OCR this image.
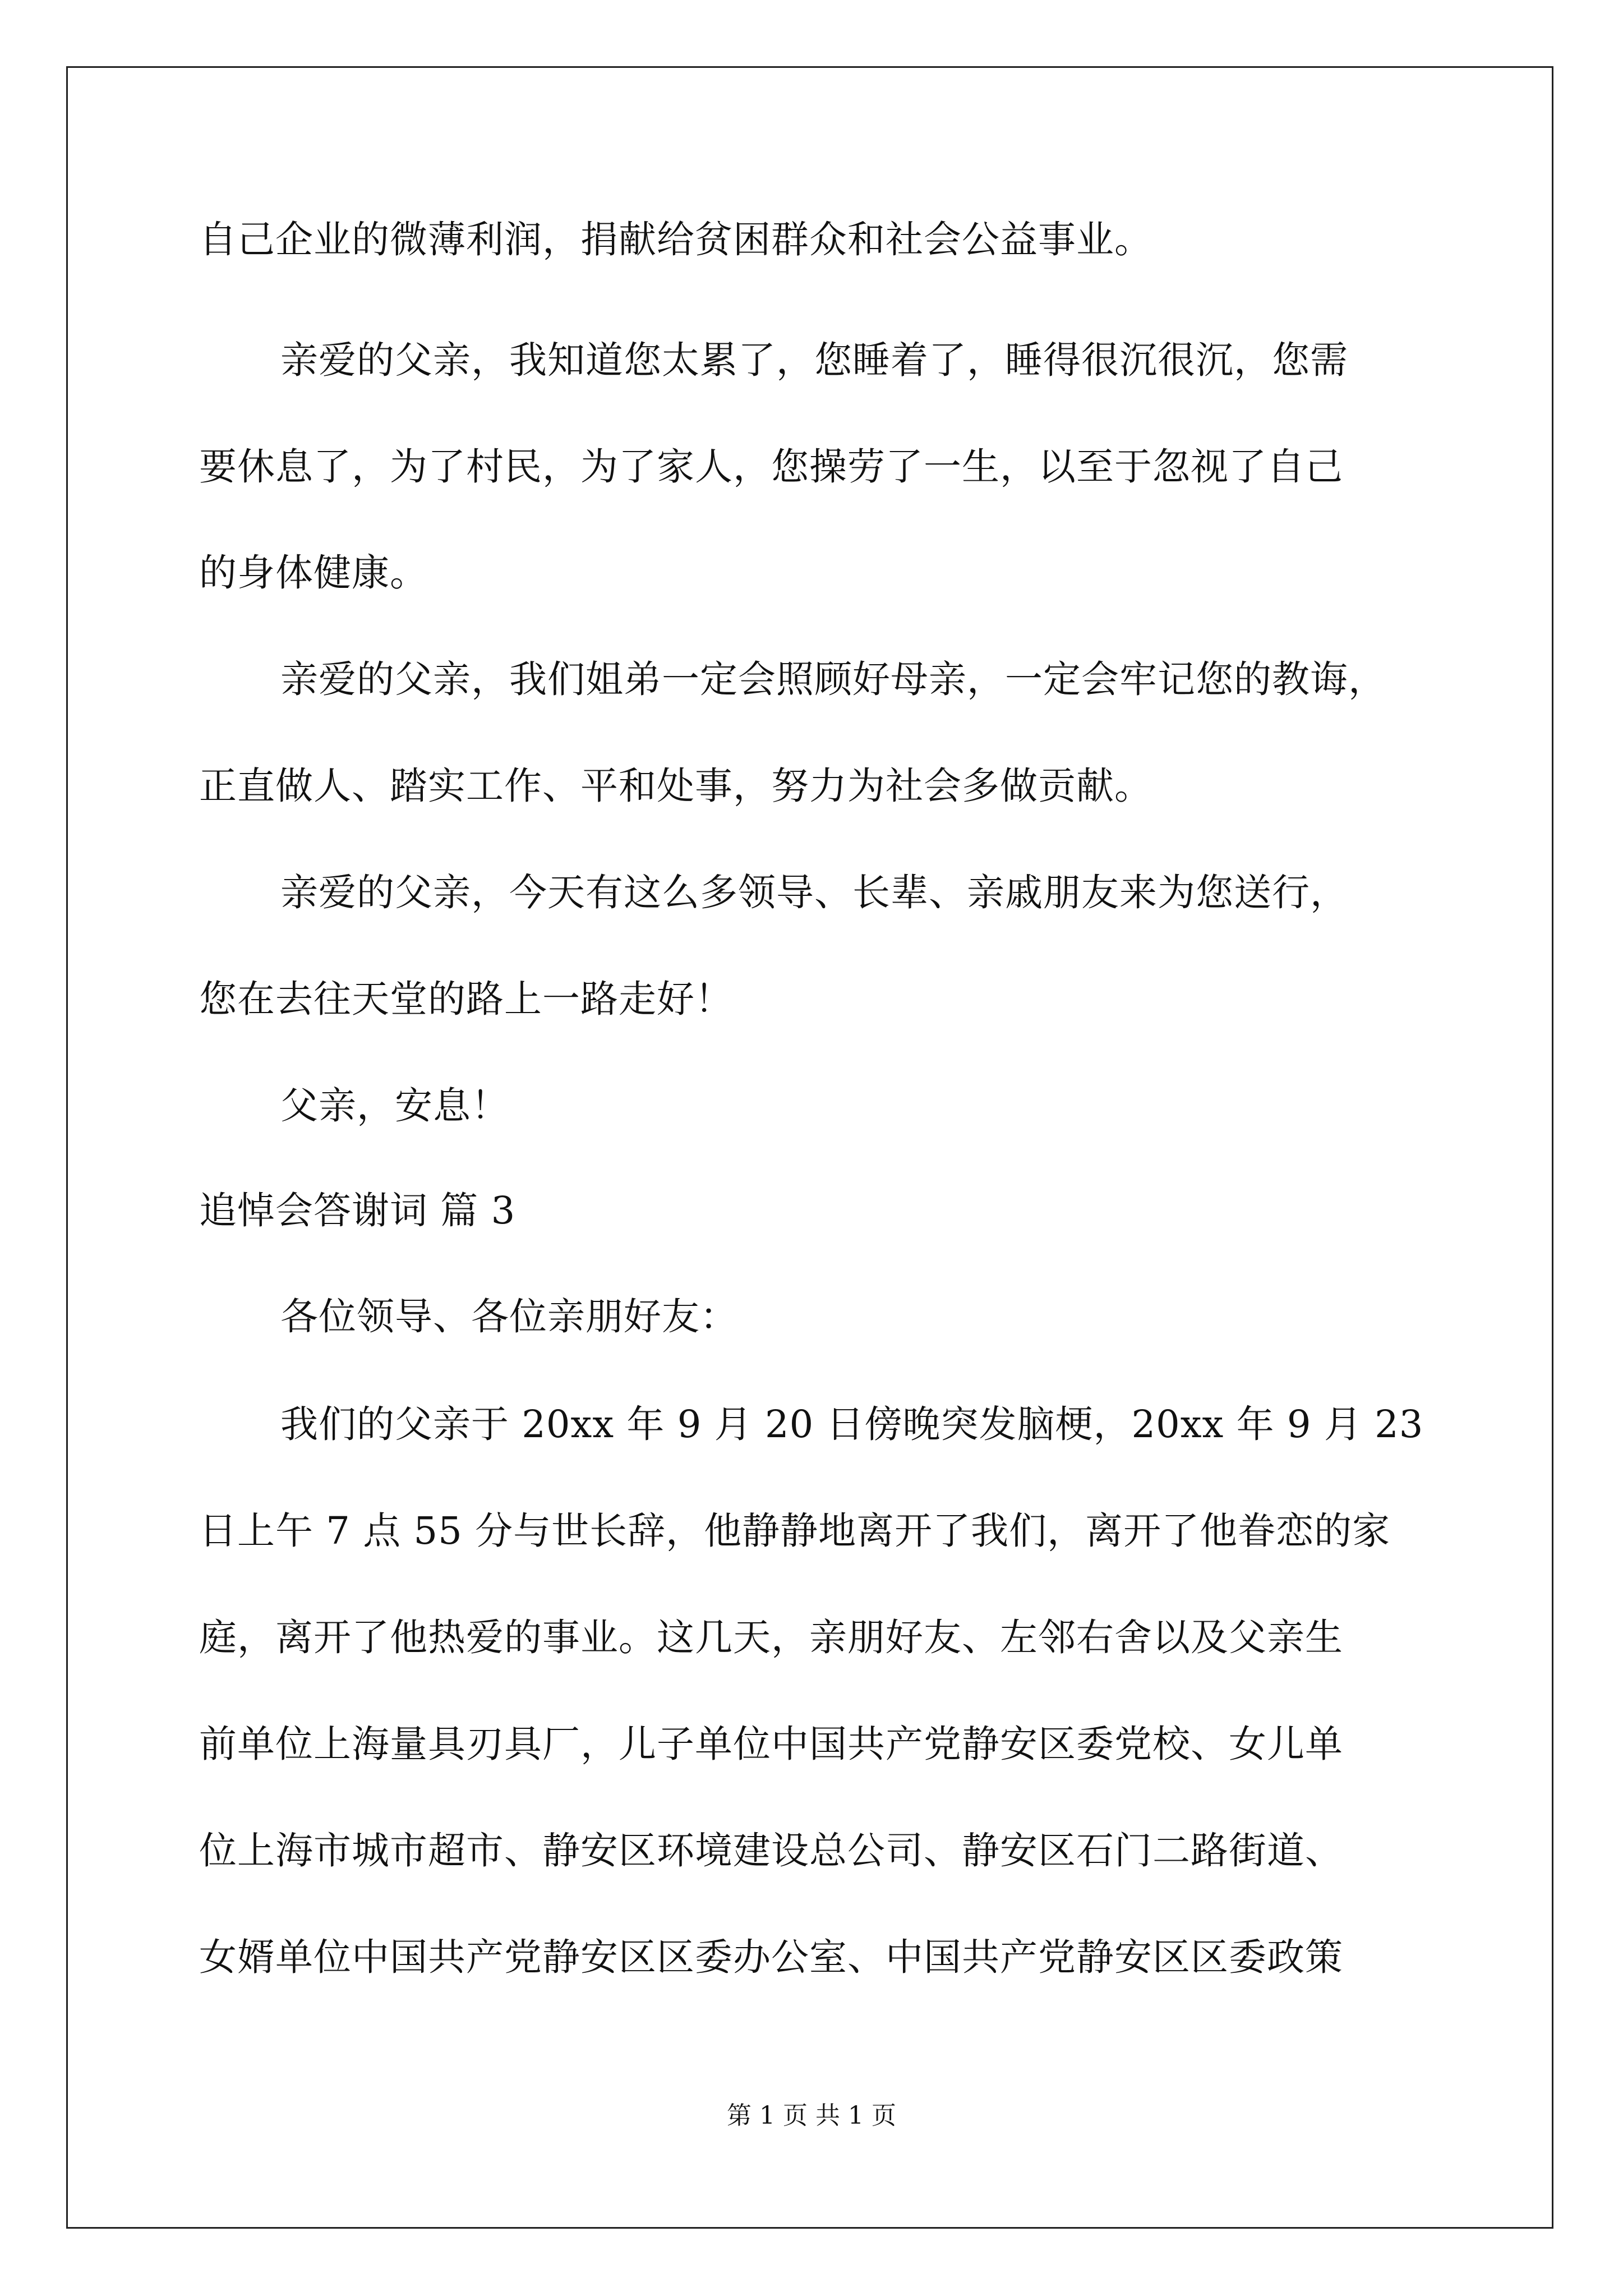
自己企业的微薄利润，捐献给贫困群众和社会公益事业。
亲爱的父亲，我知道您太累了，您睡着了，睡得很沉很沉，您需
要休息了，为了村民，为了家人，您操劳了一生，以至于忽视了自己
的身体健康。
亲爱的父亲，我们姐弟一定会照顾好母亲，一定会牢记您的教诲，
正直做人、踏实工作、平和处事，努力为社会多做贡献。
亲爱的父亲，今天有这么多领导、长辈、亲戚朋友来为您送行，
您在去往天堂的路上一路走好！
父亲，安息！
追悼会答谢词 篇 3
各位领导、各位亲朋好友：
我们的父亲于 20xx 年 9 月 20 日傍晚突发脑梗，20xx 年 9 月 23
日上午 7 点 55 分与世长辞，他静静地离开了我们，离开了他眷恋的家
庭，离开了他热爱的事业。这几天，亲朋好友、左邻右舍以及父亲生
前单位上海量具刃具厂，儿子单位中国共产党静安区委党校、女儿单
位上海市城市超市、静安区环境建设总公司、静安区石门二路街道、
女婿单位中国共产党静安区区委办公室、中国共产党静安区区委政策
第 1 页 共 1 页
